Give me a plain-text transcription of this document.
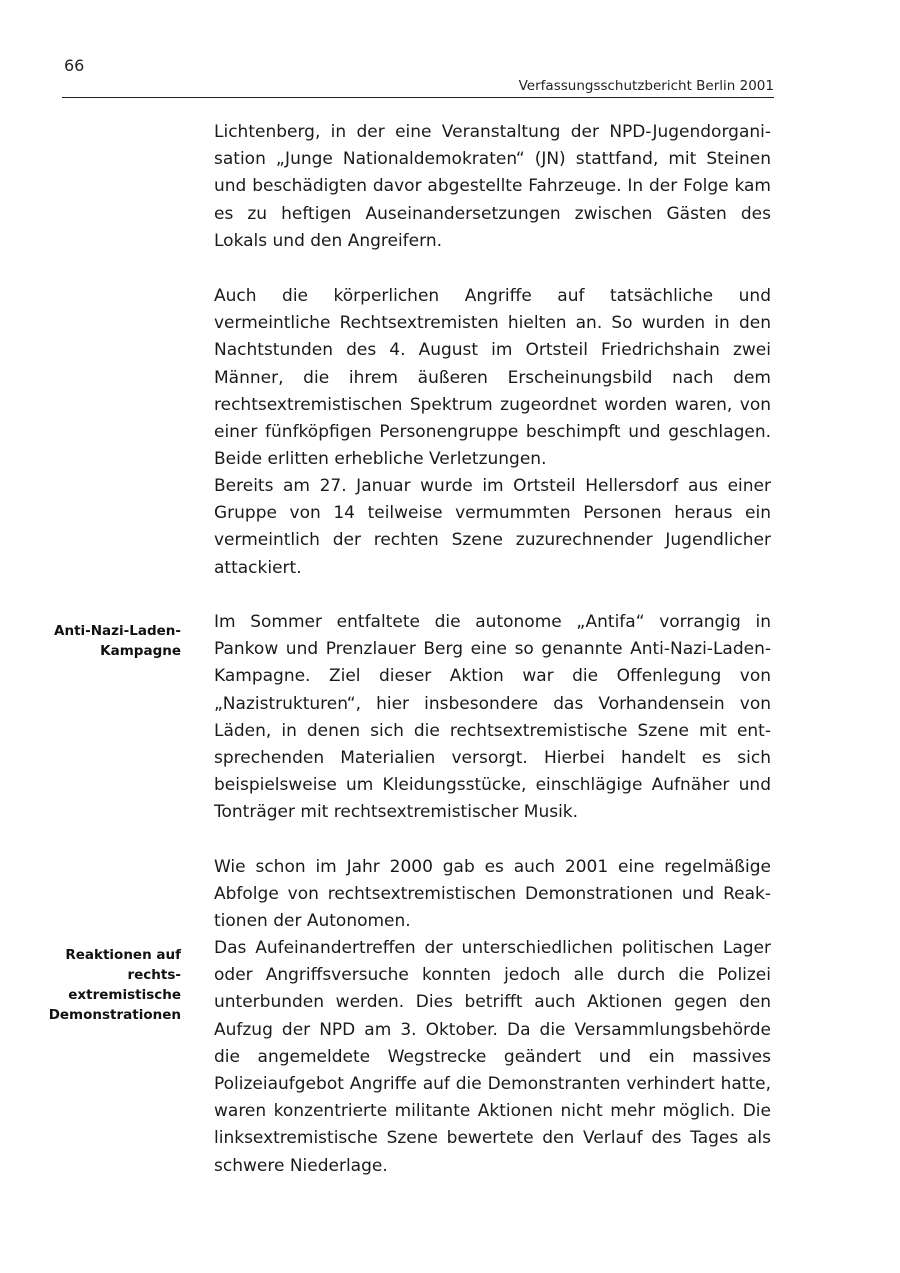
66
Verfassungsschutzbericht Berlin 2001

Lichtenberg, in der eine Veranstaltung der NPD-Jugendorganisation „Junge Nationaldemokraten“ (JN) stattfand, mit Steinen und beschädigten davor abgestellte Fahrzeuge. In der Folge kam es zu heftigen Auseinandersetzungen zwischen Gästen des Lokals und den Angreifern.

Auch die körperlichen Angriffe auf tatsächliche und vermeintliche Rechtsextremisten hielten an. So wurden in den Nachtstunden des 4. August im Ortsteil Friedrichshain zwei Männer, die ihrem äußeren Erscheinungsbild nach dem rechtsextremistischen Spektrum zugeordnet worden waren, von einer fünfköpfigen Personengruppe beschimpft und geschlagen. Beide erlitten erhebliche Verletzungen.

Bereits am 27. Januar wurde im Ortsteil Hellersdorf aus einer Gruppe von 14 teilweise vermummten Personen heraus ein vermeintlich der rechten Szene zuzurechnender Jugendlicher attackiert.

Im Sommer entfaltete die autonome „Antifa“ vorrangig in Pankow und Prenzlauer Berg eine so genannte Anti-Nazi-Laden-Kampagne. Ziel dieser Aktion war die Offenlegung von „Nazistrukturen“, hier insbesondere das Vorhandensein von Läden, in denen sich die rechtsextremistische Szene mit entsprechenden Materialien versorgt. Hierbei handelt es sich beispielsweise um Kleidungsstücke, einschlägige Aufnäher und Tonträger mit rechtsextremistischer Musik.

Wie schon im Jahr 2000 gab es auch 2001 eine regelmäßige Abfolge von rechtsextremistischen Demonstrationen und Reaktionen der Autonomen.

Das Aufeinandertreffen der unterschiedlichen politischen Lager oder Angriffsversuche konnten jedoch alle durch die Polizei unterbunden werden. Dies betrifft auch Aktionen gegen den Aufzug der NPD am 3. Oktober. Da die Versammlungsbehörde die angemeldete Wegstrecke geändert und ein massives Polizeiaufgebot Angriffe auf die Demonstranten verhindert hatte, waren konzentrierte militante Aktionen nicht mehr möglich. Die linksextremistische Szene bewertete den Verlauf des Tages als schwere Niederlage.

Anti-Nazi-Laden-
Kampagne

Reaktionen auf
rechts-
extremistische
Demonstrationen
